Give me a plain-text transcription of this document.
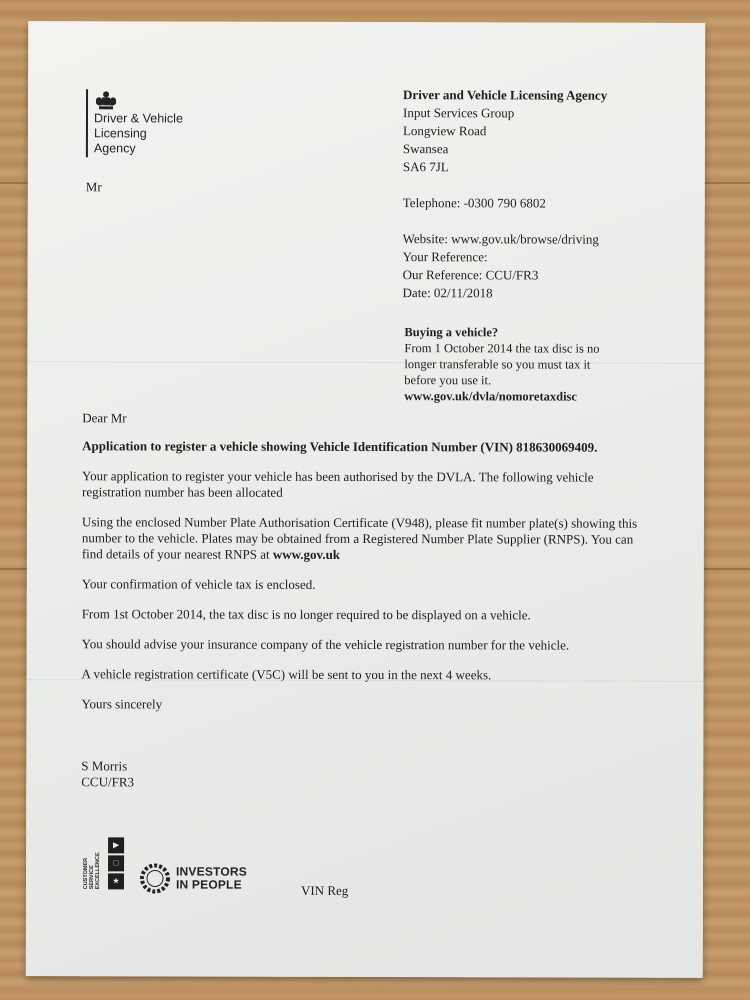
Driver & Vehicle
Licensing
Agency

Mr

Driver and Vehicle Licensing Agency

Input Services Group

Longview Road

Swansea

SA6 7JL

Telephone: -0300 790 6802

Website: www.gov.uk/browse/driving

Your Reference:

Our Reference: CCU/FR3

Date: 02/11/2018

Buying a vehicle?

From 1 October 2014 the tax disc is no

longer transferable so you must tax it

before you use it.

www.gov.uk/dvla/nomoretaxdisc

Dear Mr

Application to register a vehicle showing Vehicle Identification Number (VIN) 818630069409.

Your application to register your vehicle has been authorised by the DVLA. The following vehicle registration number has been allocated

Using the enclosed Number Plate Authorisation Certificate (V948), please fit number plate(s) showing this number to the vehicle. Plates may be obtained from a Registered Number Plate Supplier (RNPS). You can find details of your nearest RNPS at www.gov.uk

Your confirmation of vehicle tax is enclosed.

From 1st October 2014, the tax disc is no longer required to be displayed on a vehicle.

You should advise your insurance company of the vehicle registration number for the vehicle.

A vehicle registration certificate (V5C) will be sent to you in the next 4 weeks.

Yours sincerely

S Morris

CCU/FR3

CUSTOMER SERVICE EXCELLENCE
▶
□
★
INVESTORS
IN PEOPLE	VIN Reg
